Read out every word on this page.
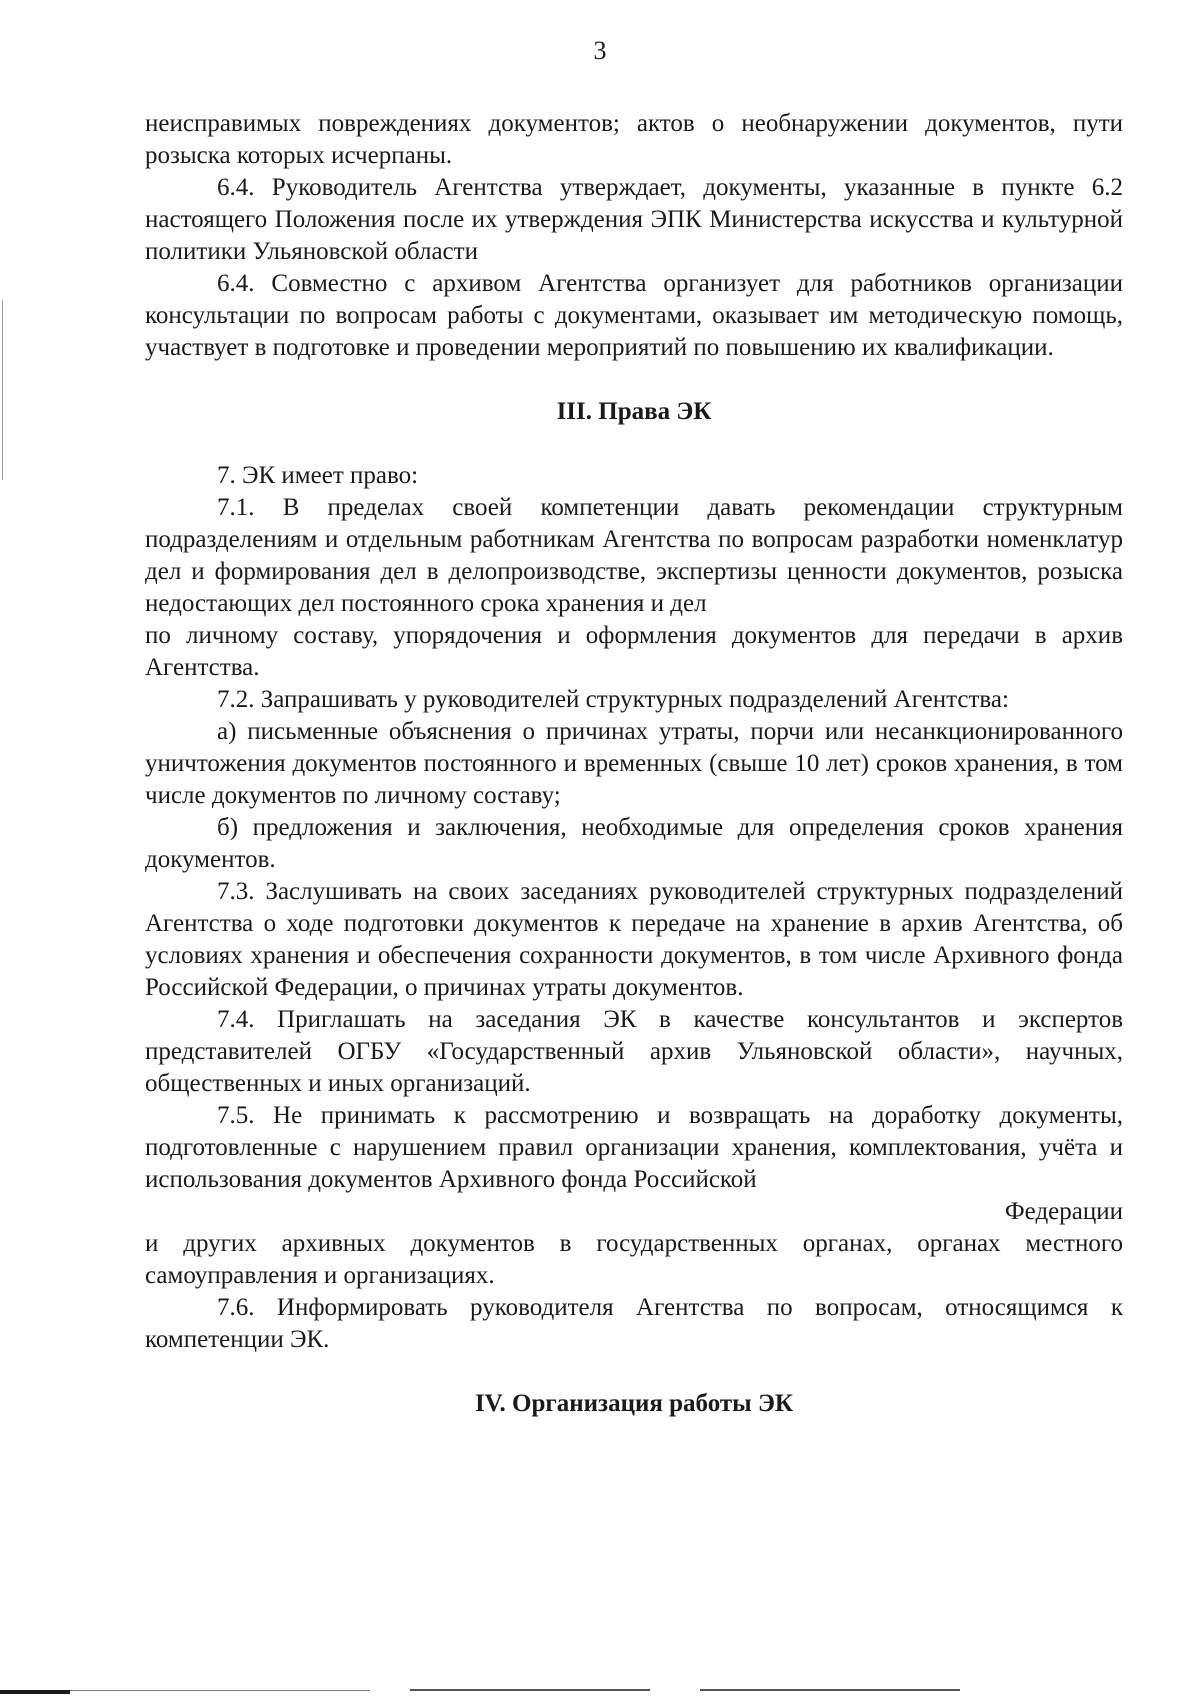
3

неисправимых повреждениях документов; актов о необнаружении документов, пути розыска которых исчерпаны.

6.4. Руководитель Агентства утверждает, документы, указанные в пункте 6.2 настоящего Положения после их утверждения ЭПК Министерства искусства и культурной политики Ульяновской области

6.4. Совместно с архивом Агентства организует для работников организации консультации по вопросам работы с документами, оказывает им методическую помощь, участвует в подготовке и проведении мероприятий по повышению их квалификации.

III. Права ЭК

7. ЭК имеет право:

7.1. В пределах своей компетенции давать рекомендации структурным подразделениям и отдельным работникам Агентства по вопросам разработки номенклатур дел и формирования дел в делопроизводстве, экспертизы ценности документов, розыска недостающих дел постоянного срока хранения и дел

по личному составу, упорядочения и оформления документов для передачи в архив Агентства.

7.2. Запрашивать у руководителей структурных подразделений Агентства:

а) письменные объяснения о причинах утраты, порчи или несанкционированного уничтожения документов постоянного и временных (свыше 10 лет) сроков хранения, в том числе документов по личному составу;

б) предложения и заключения, необходимые для определения сроков хранения документов.

7.3. Заслушивать на своих заседаниях руководителей структурных подразделений Агентства о ходе подготовки документов к передаче на хранение в архив Агентства, об условиях хранения и обеспечения сохранности документов, в том числе Архивного фонда Российской Федерации, о причинах утраты документов.

7.4. Приглашать на заседания ЭК в качестве консультантов и экспертов представителей ОГБУ «Государственный архив Ульяновской области», научных, общественных и иных организаций.

7.5. Не принимать к рассмотрению и возвращать на доработку документы, подготовленные с нарушением правил организации хранения, комплектования, учёта и использования документов Архивного фонда Российской

Федерации

и других архивных документов в государственных органах, органах местного самоуправления и организациях.

7.6. Информировать руководителя Агентства по вопросам, относящимся к компетенции ЭК.

IV. Организация работы ЭК
